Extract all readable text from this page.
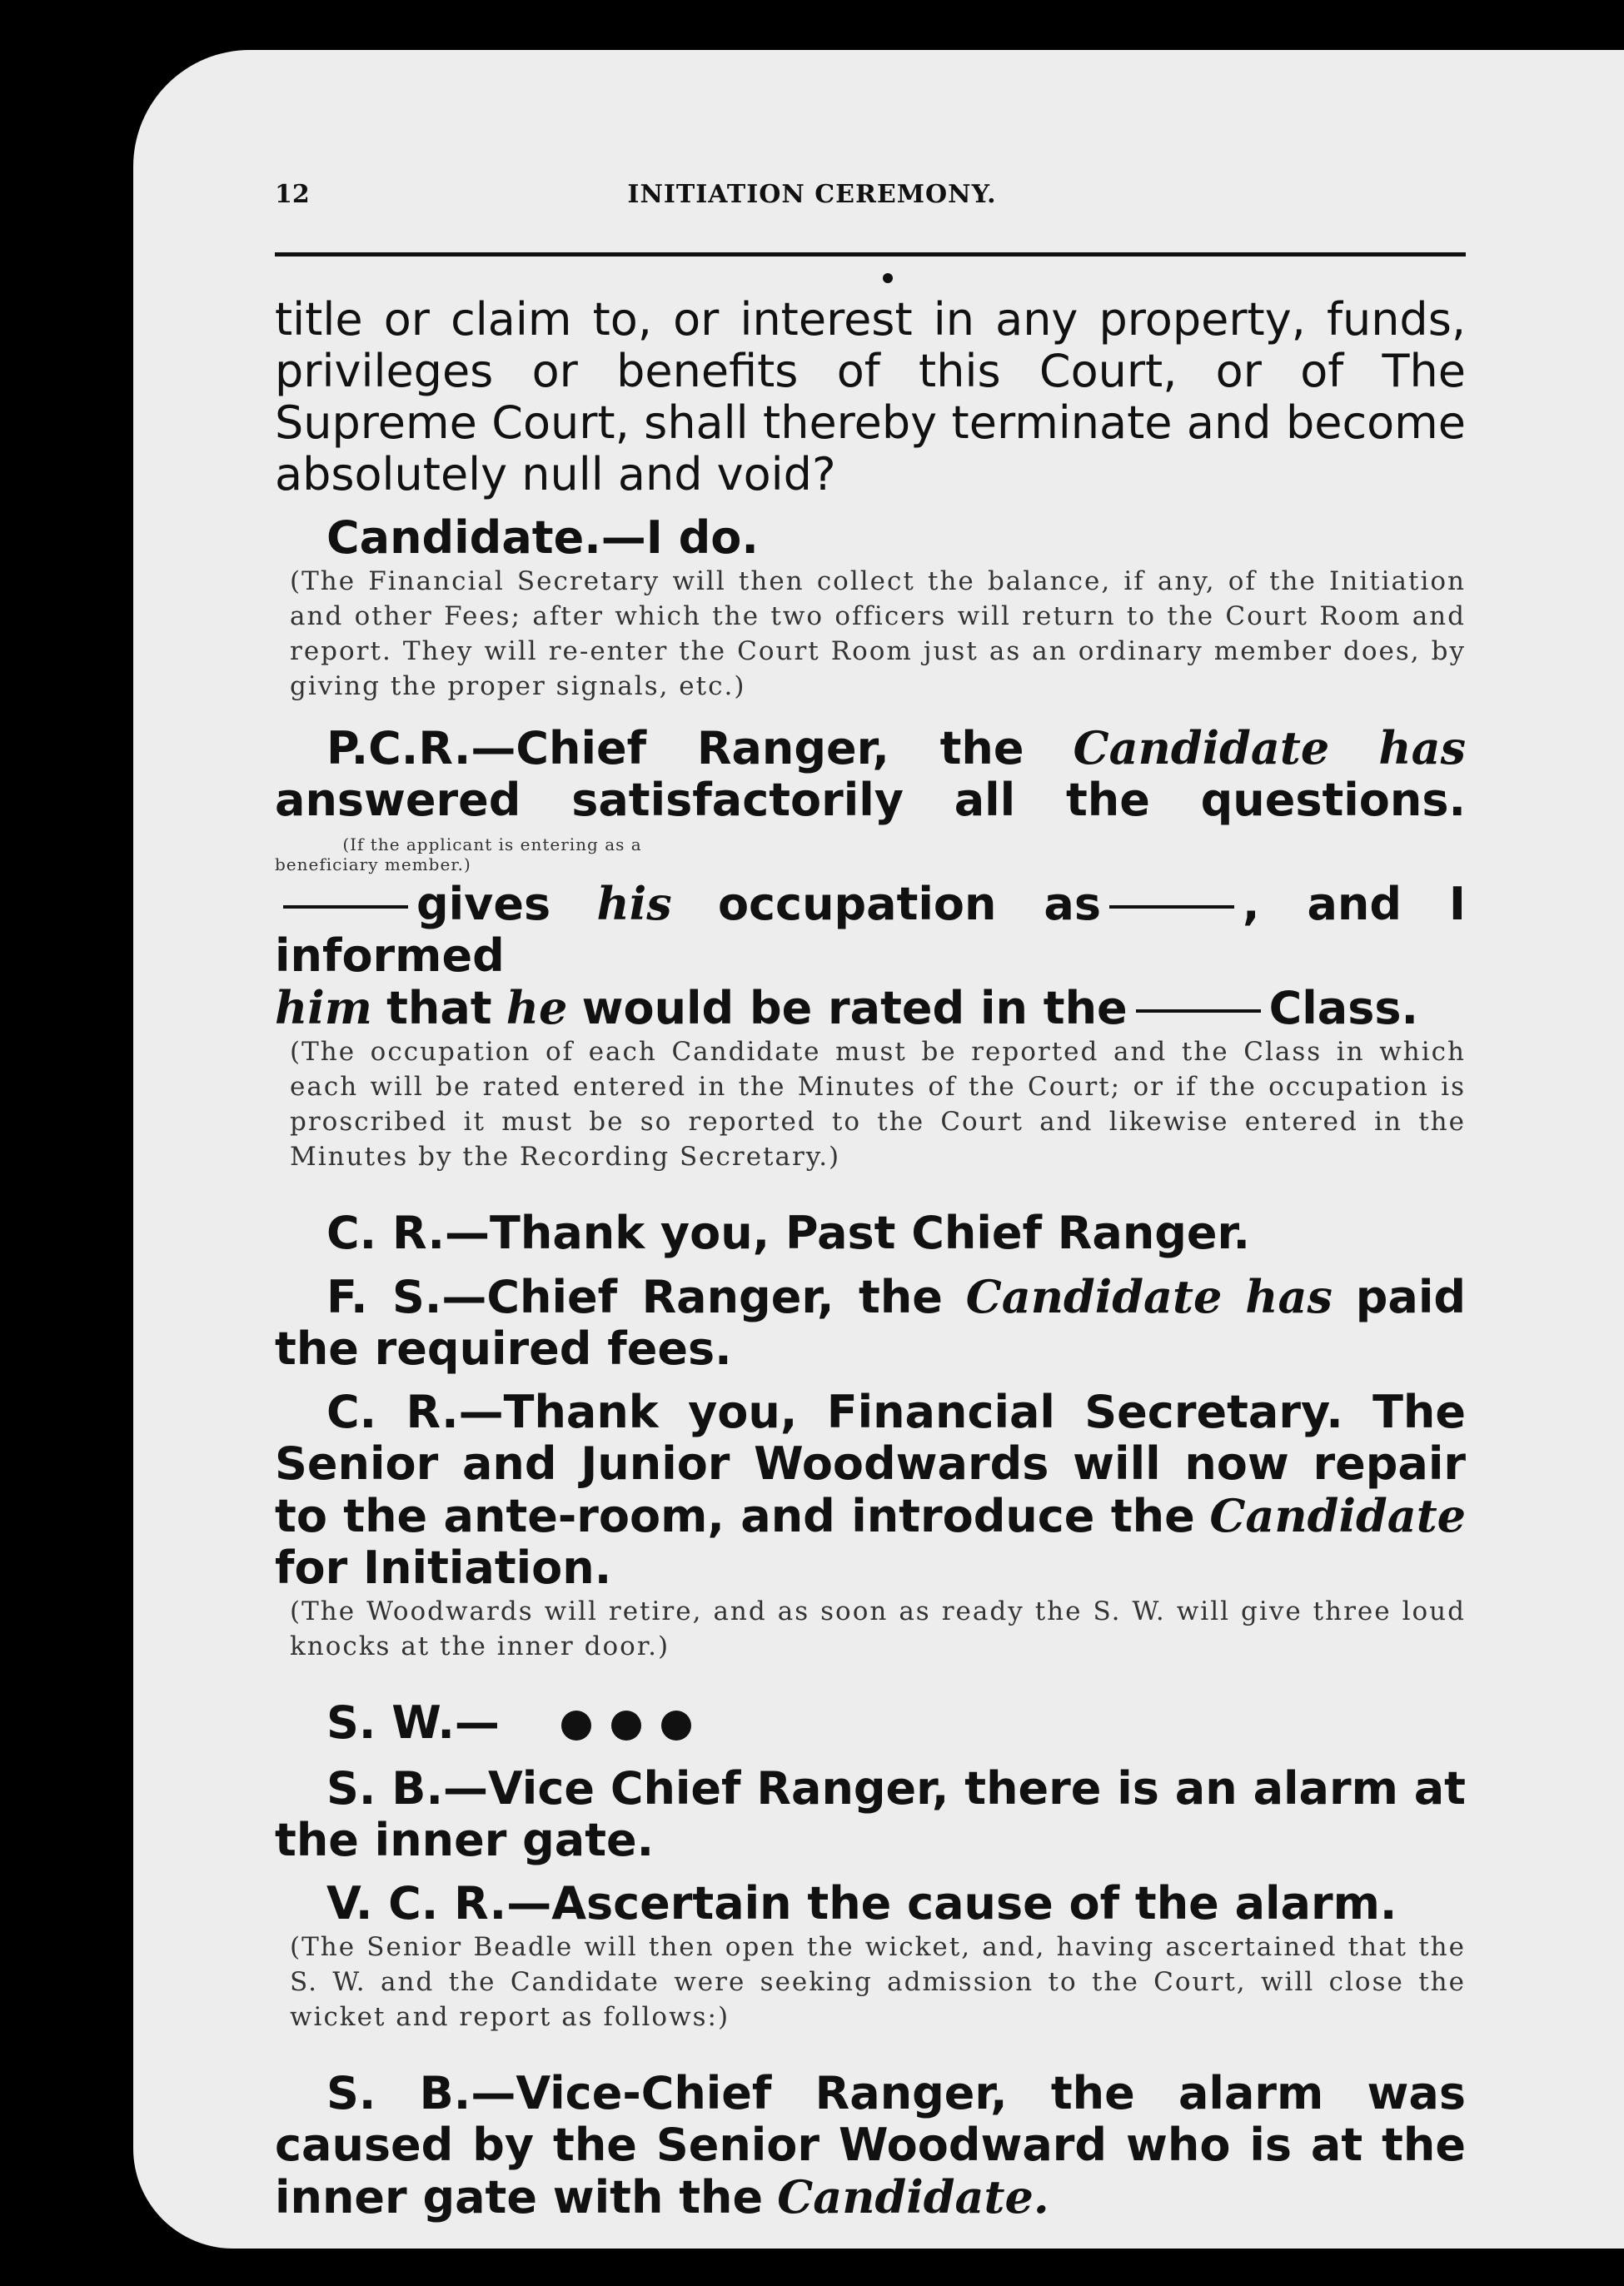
12	INITIATION CEREMONY.

title or claim to, or interest in any property, funds, privileges or benefits of this Court, or of The Supreme Court, shall thereby terminate and become absolutely null and void?

Candidate.—I do.

(The Financial Secretary will then collect the balance, if any, of the Initiation and other Fees; after which the two officers will return to the Court Room and report. They will re-enter the Court Room just as an ordinary member does, by giving the proper signals, etc.)

P.C.R.—Chief Ranger, the Candidate has answered satisfactorily all the questions. (If the applicant is entering as a beneficiary member.)

gives his occupation as	, and I informed

him that he would be rated in the	Class.

(The occupation of each Candidate must be reported and the Class in which each will be rated entered in the Minutes of the Court; or if the occupation is proscribed it must be so reported to the Court and likewise entered in the Minutes by the Recording Secretary.)

C. R.—Thank you, Past Chief Ranger.

F. S.—Chief Ranger, the Candidate has paid the required fees.

C. R.—Thank you, Financial Secretary. The Senior and Junior Woodwards will now repair to the ante-room, and introduce the Candidate for Initiation.

(The Woodwards will retire, and as soon as ready the S. W. will give three loud knocks at the inner door.)

S. W.—

S. B.—Vice Chief Ranger, there is an alarm at the inner gate.

V. C. R.—Ascertain the cause of the alarm.

(The Senior Beadle will then open the wicket, and, having ascertained that the S. W. and the Candidate were seeking admission to the Court, will close the wicket and report as follows:)

S. B.—Vice-Chief Ranger, the alarm was caused by the Senior Woodward who is at the inner gate with the Candidate.
